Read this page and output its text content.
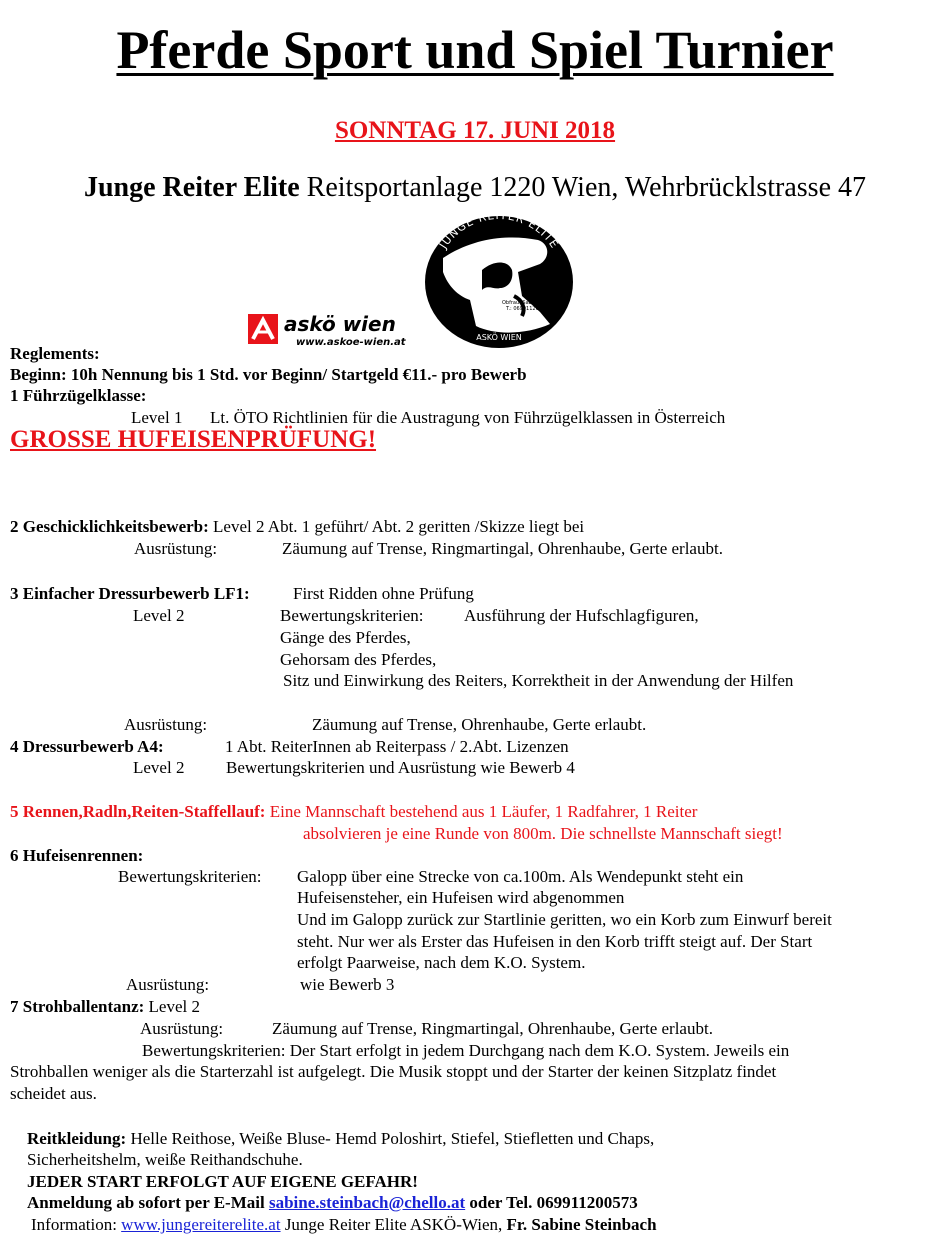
Pferde Sport und Spiel Turnier
SONNTAG 17. JUNI 2018
Junge Reiter Elite Reitsportanlage 1220 Wien, Wehrbrücklstrasse 47
askö wien
www.askoe-wien.at
JUNGE REITER ELITE
ASKÖ WIEN
Obfrau: Sabine Steinbach
T.: 069911200573
Reglements:
Beginn: 10h Nennung bis 1 Std. vor Beginn/ Startgeld €11.- pro Bewerb
1 Führzügelklasse:
Level 1 Lt. ÖTO Richtlinien für die Austragung von Führzügelklassen in Österreich
GROSSE HUFEISENPRÜFUNG!
2 Geschicklichkeitsbewerb: Level 2 Abt. 1 geführt/ Abt. 2 geritten /Skizze liegt bei
Ausrüstung:	Zäumung auf Trense, Ringmartingal, Ohrenhaube, Gerte erlaubt.
3 Einfacher Dressurbewerb LF1:	First Ridden ohne Prüfung
Level 2	Bewertungskriterien: Ausführung der Hufschlagfiguren,
Gänge des Pferdes,
Gehorsam des Pferdes,
Sitz und Einwirkung des Reiters, Korrektheit in der Anwendung der Hilfen
Ausrüstung:	Zäumung auf Trense, Ohrenhaube, Gerte erlaubt.
4 Dressurbewerb A4:	1 Abt. ReiterInnen ab Reiterpass / 2.Abt. Lizenzen
Level 2 Bewertungskriterien und Ausrüstung wie Bewerb 4
5 Rennen,Radln,Reiten-Staffellauf: Eine Mannschaft bestehend aus 1 Läufer, 1 Radfahrer, 1 Reiter
absolvieren je eine Runde von 800m. Die schnellste Mannschaft siegt!
6 Hufeisenrennen:
Bewertungskriterien: Galopp über eine Strecke von ca.100m. Als Wendepunkt steht ein
Hufeisensteher, ein Hufeisen wird abgenommen
Und im Galopp zurück zur Startlinie geritten, wo ein Korb zum Einwurf bereit
steht. Nur wer als Erster das Hufeisen in den Korb trifft steigt auf. Der Start
erfolgt Paarweise, nach dem K.O. System.
Ausrüstung:	wie Bewerb 3
7 Strohballentanz: Level 2
Ausrüstung:	Zäumung auf Trense, Ringmartingal, Ohrenhaube, Gerte erlaubt.
Bewertungskriterien: Der Start erfolgt in jedem Durchgang nach dem K.O. System. Jeweils ein
Strohballen weniger als die Starterzahl ist aufgelegt. Die Musik stoppt und der Starter der keinen Sitzplatz findet
scheidet aus.
Reitkleidung: Helle Reithose, Weiße Bluse- Hemd Poloshirt, Stiefel, Stiefletten und Chaps,
Sicherheitshelm, weiße Reithandschuhe.
JEDER START ERFOLGT AUF EIGENE GEFAHR!
Anmeldung ab sofort per E-Mail sabine.steinbach@chello.at oder Tel. 069911200573
Information: www.jungereiterelite.at Junge Reiter Elite ASKÖ-Wien, Fr. Sabine Steinbach
